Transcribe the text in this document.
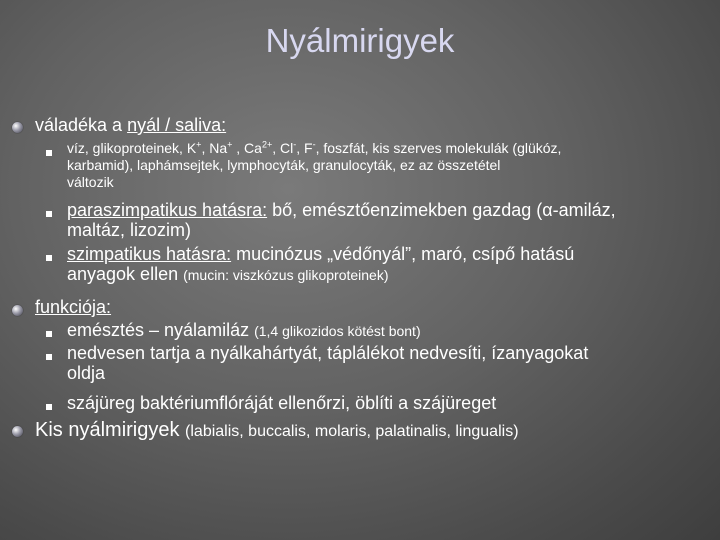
Nyálmirigyek
váladéka a nyál / saliva:
víz, glikoproteinek, K+, Na+ , $Ca^{2+}$, Cl-, F-, foszfát, kis szerves molekulák (glükóz,
karbamid), laphámsejtek, lymphocyták, granulocyták, ez az összetétel
változik
paraszimpatikus hatásra: bő, emésztőenzimekben gazdag (α-amiláz,
maltáz, lizozim)
szimpatikus hatásra: mucinózus „védőnyál”, maró, csípő hatású
anyagok ellen (mucin: viszkózus glikoproteinek)
funkciója:
emésztés – nyálamiláz (1,4 glikozidos kötést bont)
nedvesen tartja a nyálkahártyát, táplálékot nedvesíti, ízanyagokat
oldja
szájüreg baktériumflóráját ellenőrzi, öblíti a szájüreget
Kis nyálmirigyek (labialis, buccalis, molaris, palatinalis, lingualis)
